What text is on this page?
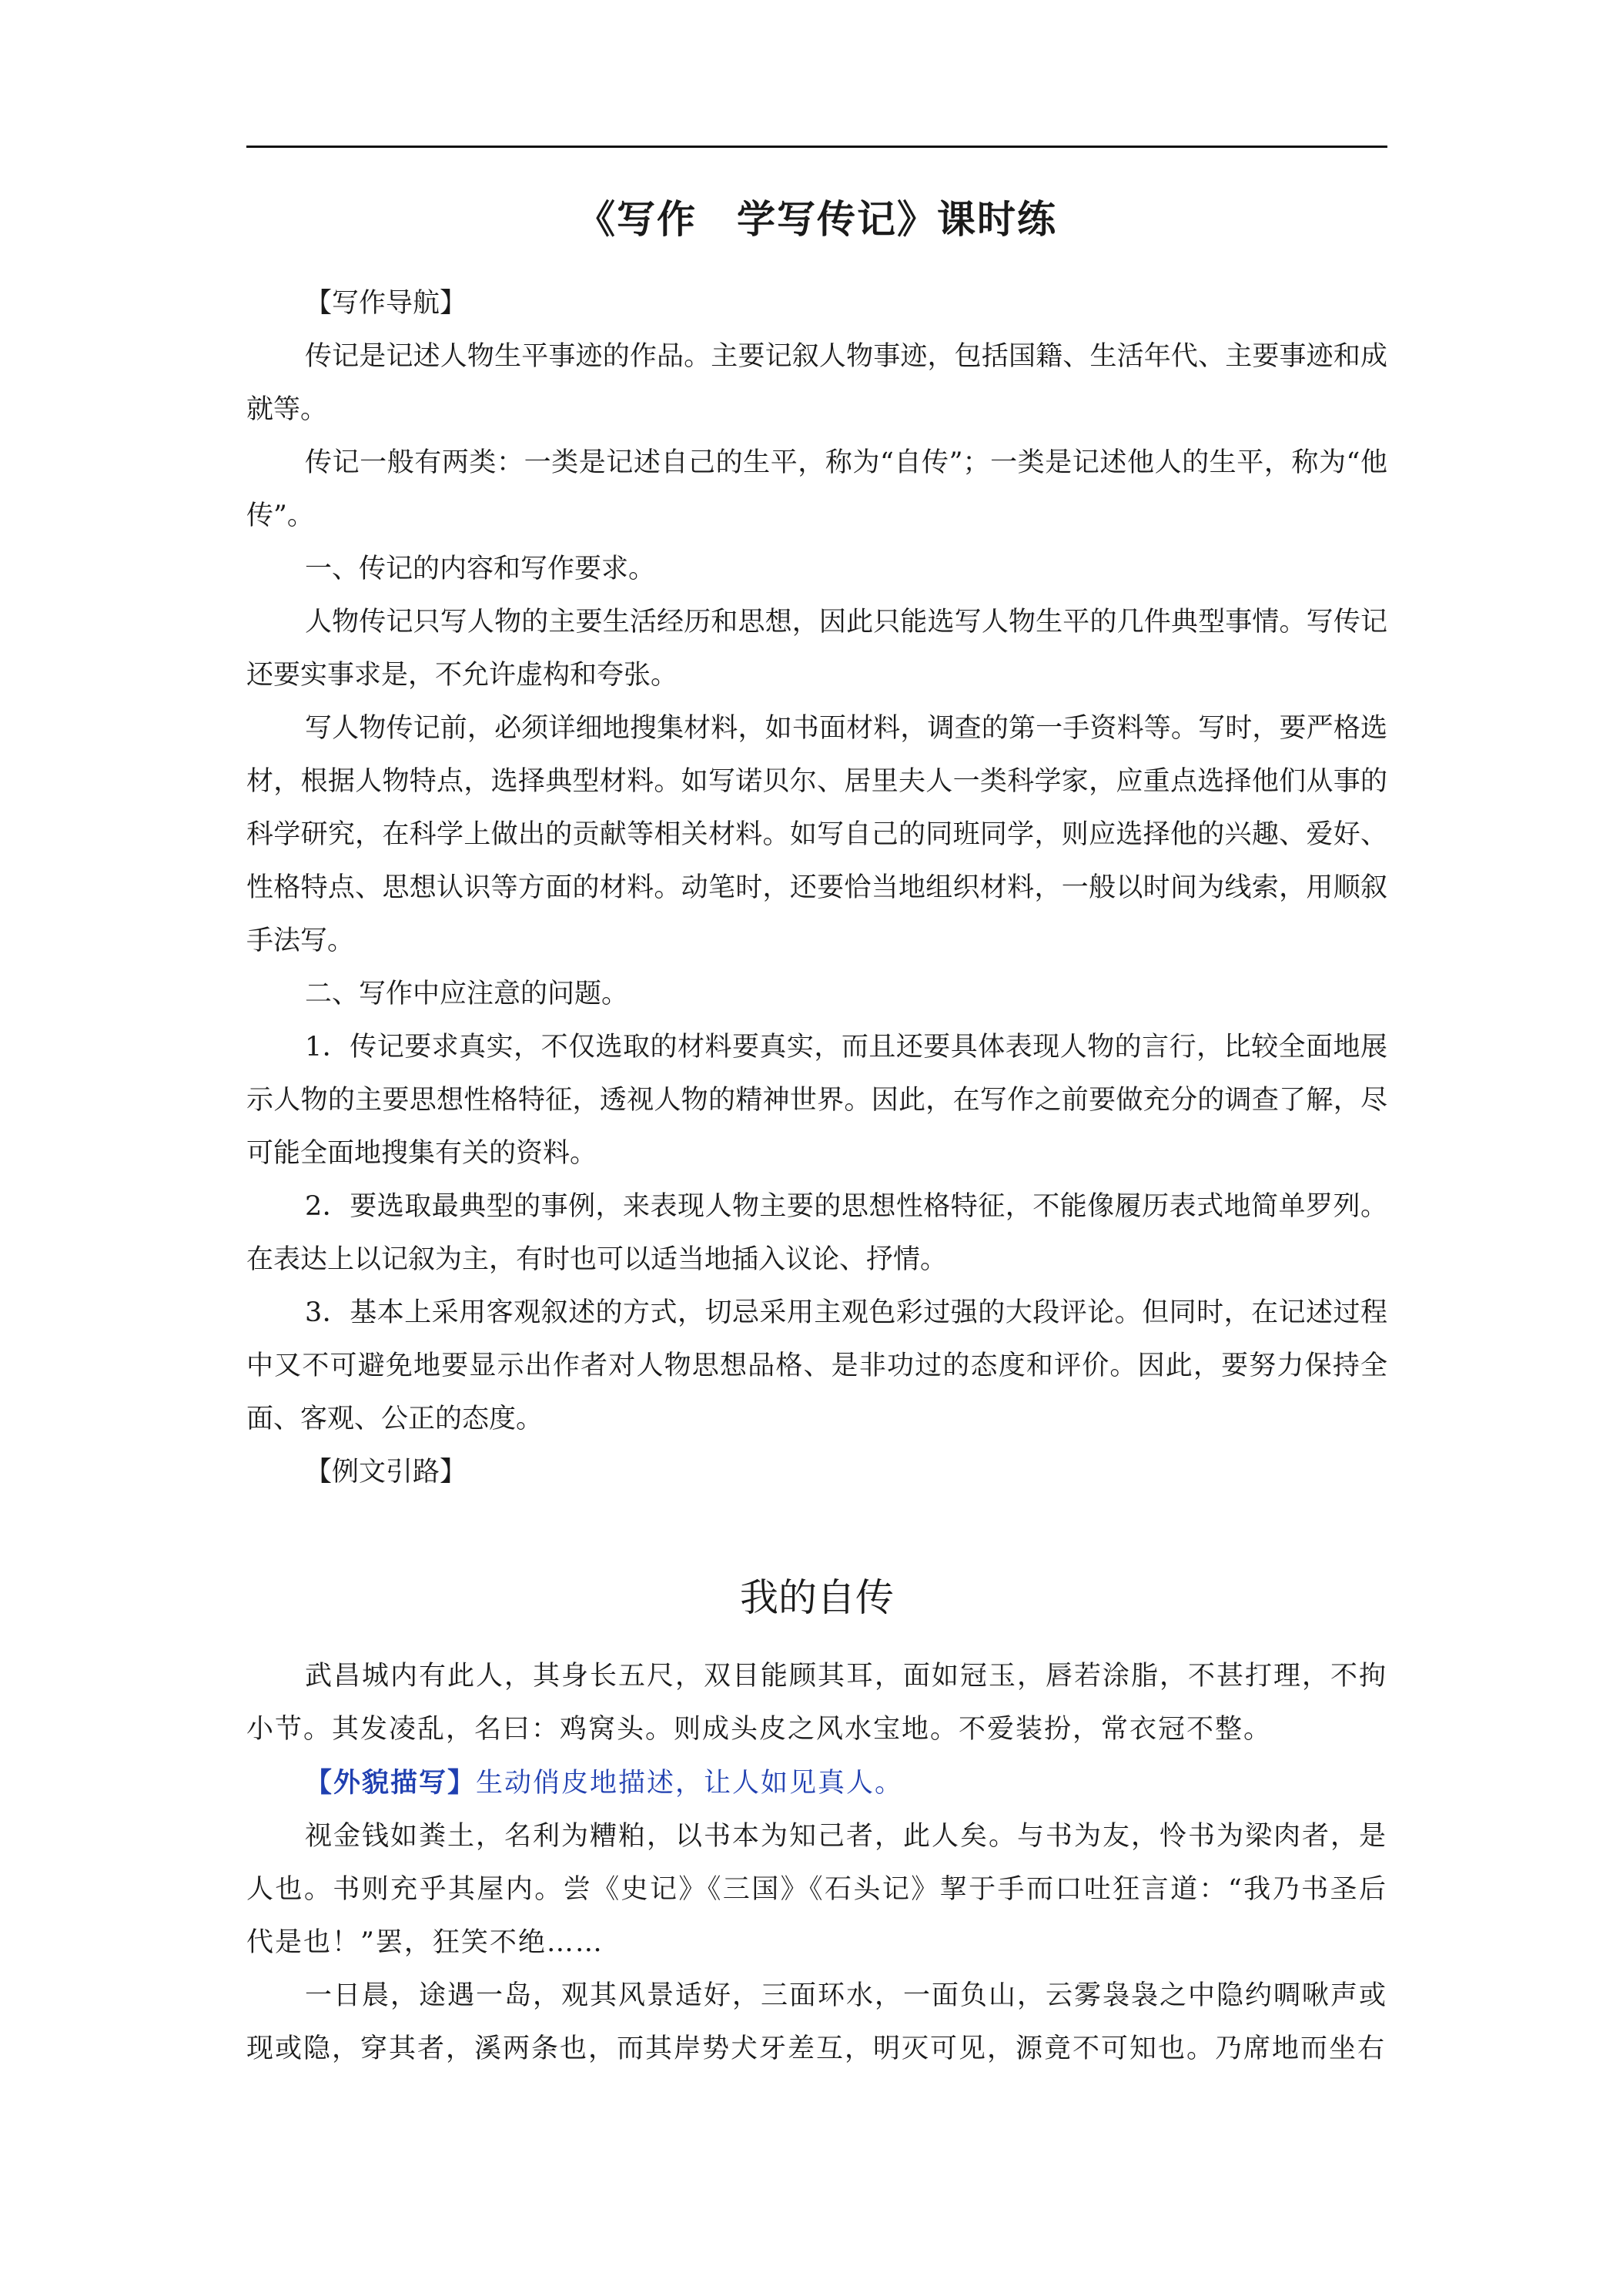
《写作　学写传记》课时练

【写作导航】

传记是记述人物生平事迹的作品。主要记叙人物事迹，包括国籍、生活年代、主要事迹和成就等。

传记一般有两类：一类是记述自己的生平，称为“自传”；一类是记述他人的生平，称为“他传”。

一、传记的内容和写作要求。

人物传记只写人物的主要生活经历和思想，因此只能选写人物生平的几件典型事情。写传记还要实事求是，不允许虚构和夸张。

写人物传记前，必须详细地搜集材料，如书面材料，调查的第一手资料等。写时，要严格选材，根据人物特点，选择典型材料。如写诺贝尔、居里夫人一类科学家，应重点选择他们从事的科学研究，在科学上做出的贡献等相关材料。如写自己的同班同学，则应选择他的兴趣、爱好、性格特点、思想认识等方面的材料。动笔时，还要恰当地组织材料，一般以时间为线索，用顺叙手法写。

二、写作中应注意的问题。

1．传记要求真实，不仅选取的材料要真实，而且还要具体表现人物的言行，比较全面地展示人物的主要思想性格特征，透视人物的精神世界。因此，在写作之前要做充分的调查了解，尽可能全面地搜集有关的资料。

2．要选取最典型的事例，来表现人物主要的思想性格特征，不能像履历表式地简单罗列。在表达上以记叙为主，有时也可以适当地插入议论、抒情。

3．基本上采用客观叙述的方式，切忌采用主观色彩过强的大段评论。但同时，在记述过程中又不可避免地要显示出作者对人物思想品格、是非功过的态度和评价。因此，要努力保持全面、客观、公正的态度。

【例文引路】

我的自传

武昌城内有此人，其身长五尺，双目能顾其耳，面如冠玉，唇若涂脂，不甚打理，不拘小节。其发凌乱，名曰：鸡窝头。则成头皮之风水宝地。不爱装扮，常衣冠不整。

【外貌描写】生动俏皮地描述，让人如见真人。

视金钱如粪土，名利为糟粕，以书本为知己者，此人矣。与书为友，怜书为梁肉者，是人也。书则充乎其屋内。尝《史记》《三国》《石头记》挈于手而口吐狂言道：“我乃书圣后代是也！”罢，狂笑不绝……

一日晨，途遇一岛，观其风景适好，三面环水，一面负山，云雾袅袅之中隐约啁啾声或现或隐，穿其者，溪两条也，而其岸势犬牙差互，明灭可见，源竟不可知也。乃席地而坐右
